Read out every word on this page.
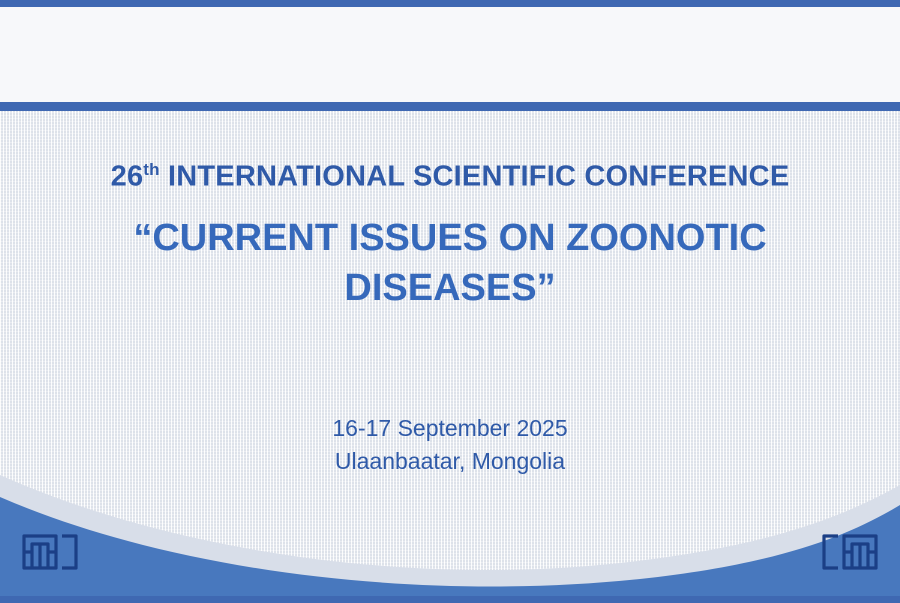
26th INTERNATIONAL SCIENTIFIC CONFERENCE
“CURRENT ISSUES ON ZOONOTIC DISEASES”
16-17 September 2025
Ulaanbaatar, Mongolia
